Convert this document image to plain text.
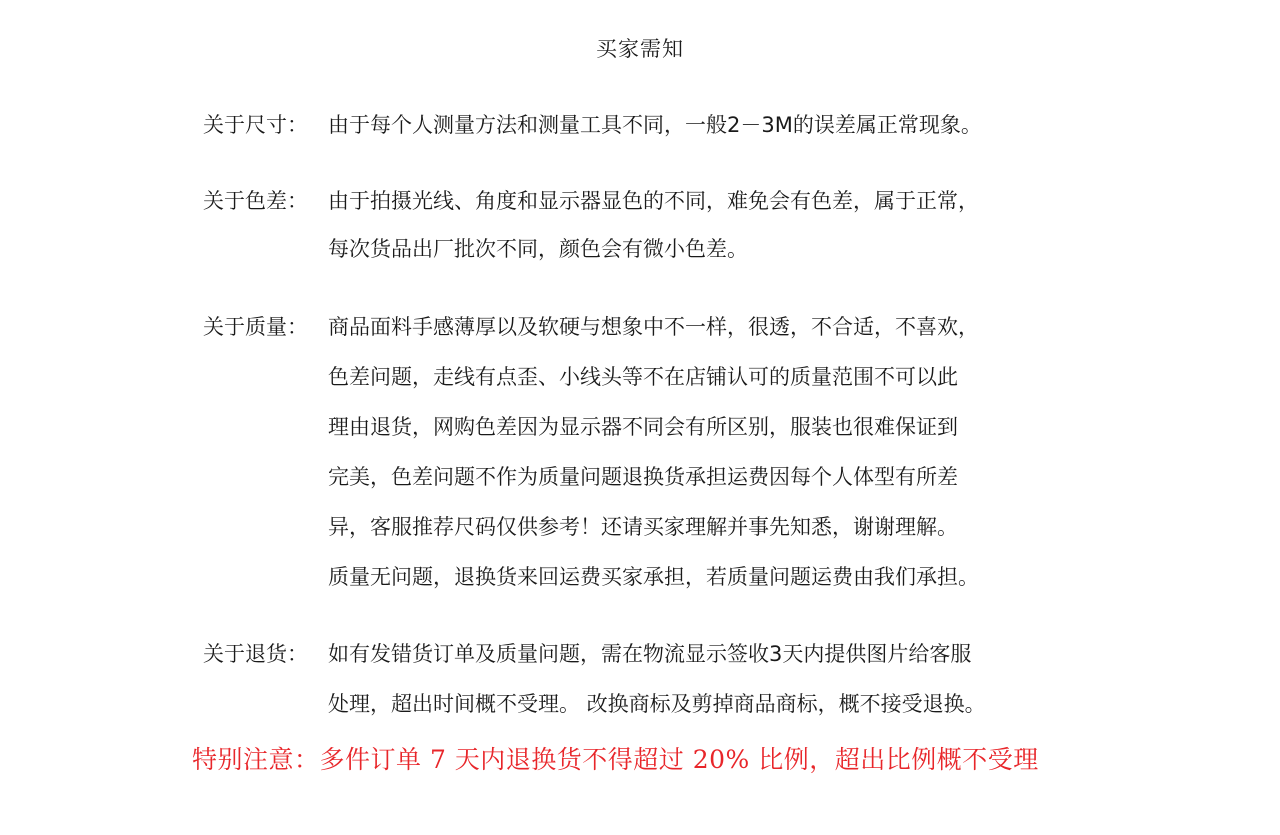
买家需知
关于尺寸： 由于每个人测量方法和测量工具不同，一般2－3M的误差属正常现象。
关于色差： 由于拍摄光线、角度和显示器显色的不同，难免会有色差，属于正常，
每次货品出厂批次不同，颜色会有微小色差。
关于质量： 商品面料手感薄厚以及软硬与想象中不一样，很透，不合适，不喜欢，
色差问题，走线有点歪、小线头等不在店铺认可的质量范围不可以此
理由退货，网购色差因为显示器不同会有所区别，服装也很难保证到
完美，色差问题不作为质量问题退换货承担运费因每个人体型有所差
异，客服推荐尺码仅供参考！还请买家理解并事先知悉，谢谢理解。
质量无问题，退换货来回运费买家承担，若质量问题运费由我们承担。
关于退货： 如有发错货订单及质量问题，需在物流显示签收3天内提供图片给客服
处理，超出时间概不受理。 改换商标及剪掉商品商标，概不接受退换。
特别注意：多件订单 7 天内退换货不得超过 20% 比例，超出比例概不受理
